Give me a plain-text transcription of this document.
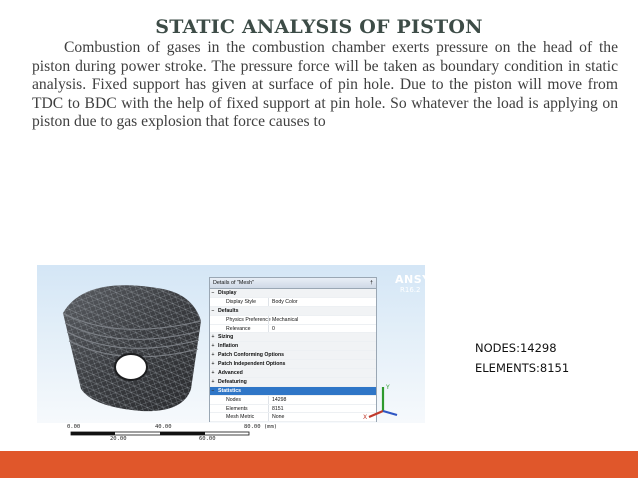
STATIC ANALYSIS OF PISTON
Combustion of gases in the combustion chamber exerts pressure on the head of the piston during power stroke. The pressure force will be taken as boundary condition in static analysis. Fixed support has given at surface of pin hole. Due to the piston will move from TDC to BDC with the help of fixed support at pin hole. So whatever the load is applying on piston due to gas explosion that force causes to
Details of "Mesh"	†
− Display
Display Style	Body Color
− Defaults
Physics Preference Mechanical
Relevance	0
+ Sizing
+ Inflation
+ Patch Conforming Options
+ Patch Independent Options
+ Advanced
+ Defeaturing
− Statistics
Nodes	14298
Elements	8151
Mesh Metric	None
ANSYS
R16.2
Y
X
0.00	40.00	80.00 (mm)
20.00	60.00
NODES:14298
ELEMENTS:8151
